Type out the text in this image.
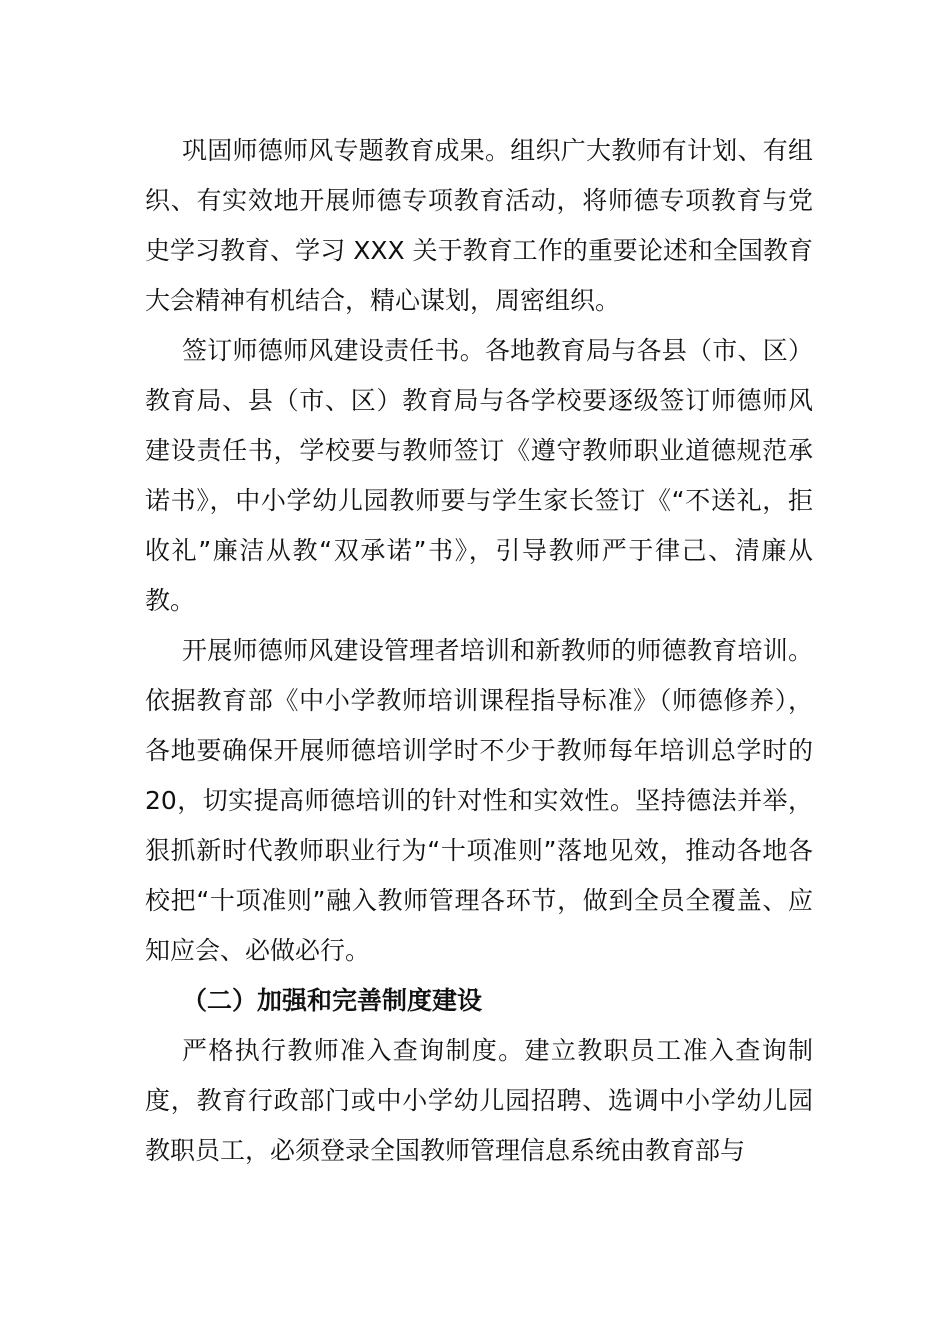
巩固师德师风专题教育成果。组织广大教师有计划、有组织、有实效地开展师德专项教育活动，将师德专项教育与党史学习教育、学习 XXX 关于教育工作的重要论述和全国教育大会精神有机结合，精心谋划，周密组织。

签订师德师风建设责任书。各地教育局与各县（市、区）教育局、县（市、区）教育局与各学校要逐级签订师德师风建设责任书，学校要与教师签订《遵守教师职业道德规范承诺书》，中小学幼儿园教师要与学生家长签订《“不送礼，拒收礼”廉洁从教“双承诺”书》，引导教师严于律己、清廉从教。

开展师德师风建设管理者培训和新教师的师德教育培训。依据教育部《中小学教师培训课程指导标准》（师德修养），各地要确保开展师德培训学时不少于教师每年培训总学时的 20，切实提高师德培训的针对性和实效性。坚持德法并举，狠抓新时代教师职业行为“十项准则”落地见效，推动各地各校把“十项准则”融入教师管理各环节，做到全员全覆盖、应知应会、必做必行。

（二）加强和完善制度建设

严格执行教师准入查询制度。建立教职员工准入查询制度，教育行政部门或中小学幼儿园招聘、选调中小学幼儿园教职员工，必须登录全国教师管理信息系统由教育部与
